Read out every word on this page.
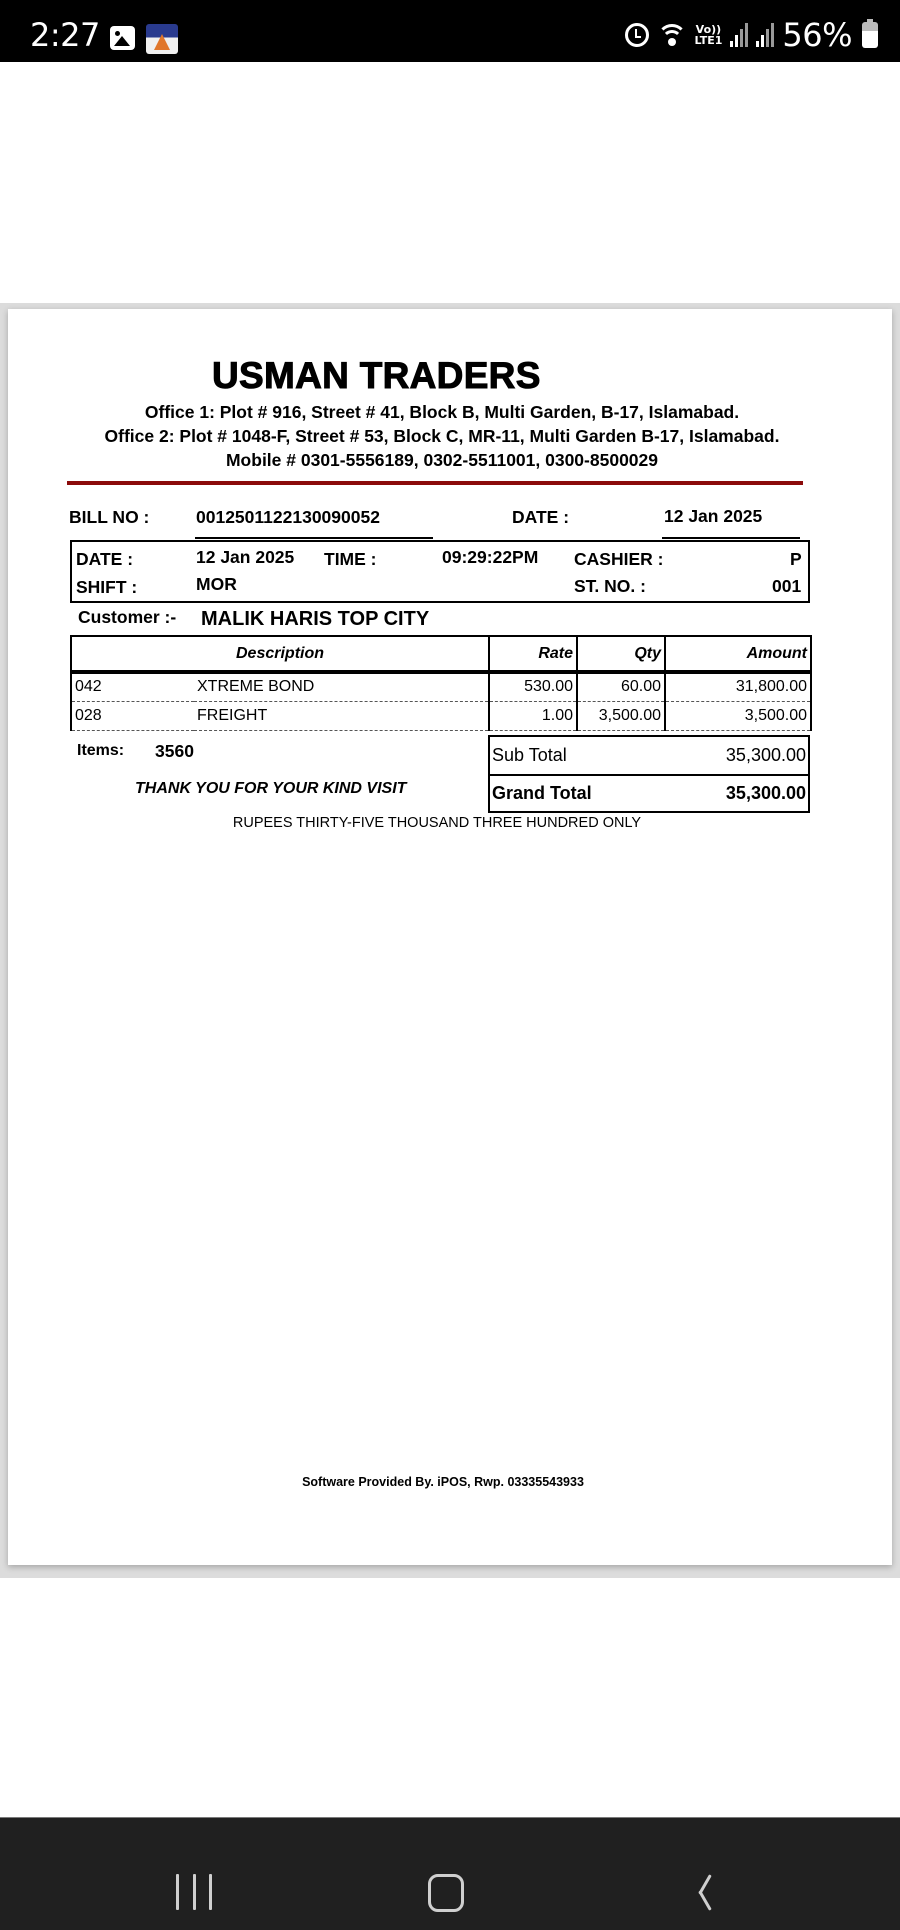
2:27	Vo))
LTE1 56%
USMAN TRADERS
Office 1: Plot # 916, Street # 41, Block B, Multi Garden, B-17, Islamabad.
Office 2: Plot # 1048-F, Street # 53, Block C, MR-11, Multi Garden B-17, Islamabad.
Mobile # 0301-5556189, 0302-5511001, 0300-8500029
BILL NO :	0012501122130090052	DATE :	12 Jan 2025
DATE :	12 Jan 2025 TIME :	09:29:22PM CASHIER :	P
SHIFT :	MOR	ST. NO. :	001
Customer :- MALIK HARIS TOP CITY
Description		Rate	Qty	Amount
042	XTREME BOND	530.00	60.00	31,800.00
028	FREIGHT	1.00	3,500.00	3,500.00
Items: 3560
THANK YOU FOR YOUR KIND VISIT
Sub Total	35,300.00
Grand Total	35,300.00
RUPEES THIRTY-FIVE THOUSAND THREE HUNDRED ONLY
Software Provided By. iPOS, Rwp. 03335543933
